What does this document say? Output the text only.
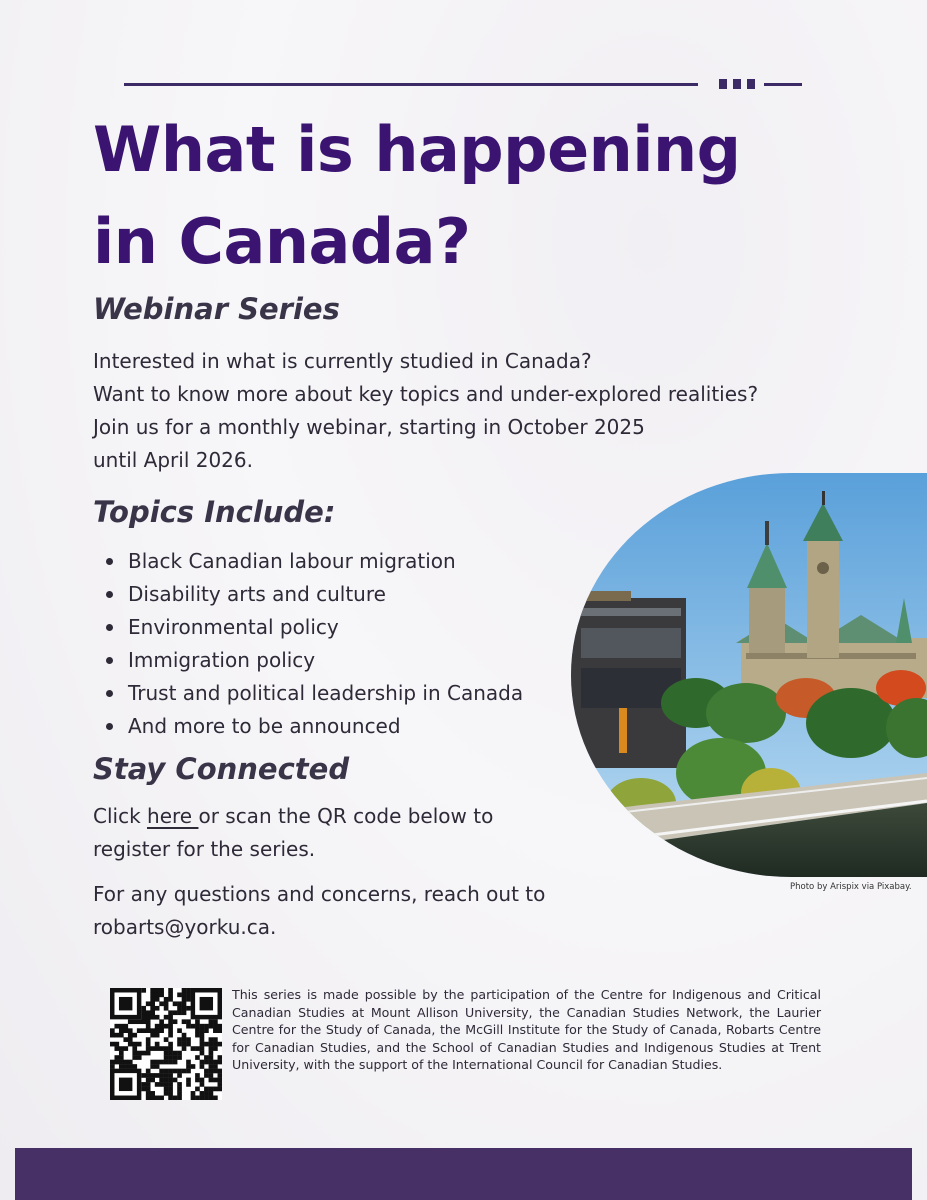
What is happening
in Canada?
Webinar Series

Interested in what is currently studied in Canada?

Want to know more about key topics and under-explored realities?

Join us for a monthly webinar, starting in October 2025

until April 2026.

Topics Include:
Black Canadian labour migration
Disability arts and culture
Environmental policy
Immigration policy
Trust and political leadership in Canada
And more to be announced
Stay Connected

Click here or scan the QR code below to
register for the series.

For any questions and concerns, reach out to
robarts@yorku.ca.

Photo by Arispix via Pixabay.

This series is made possible by the participation of the Centre for Indigenous and Critical Canadian Studies at Mount Allison University, the Canadian Studies Network, the Laurier Centre for the Study of Canada, the McGill Institute for the Study of Canada, Robarts Centre for Canadian Studies, and the School of Canadian Studies and Indigenous Studies at Trent University, with the support of the International Council for Canadian Studies.
